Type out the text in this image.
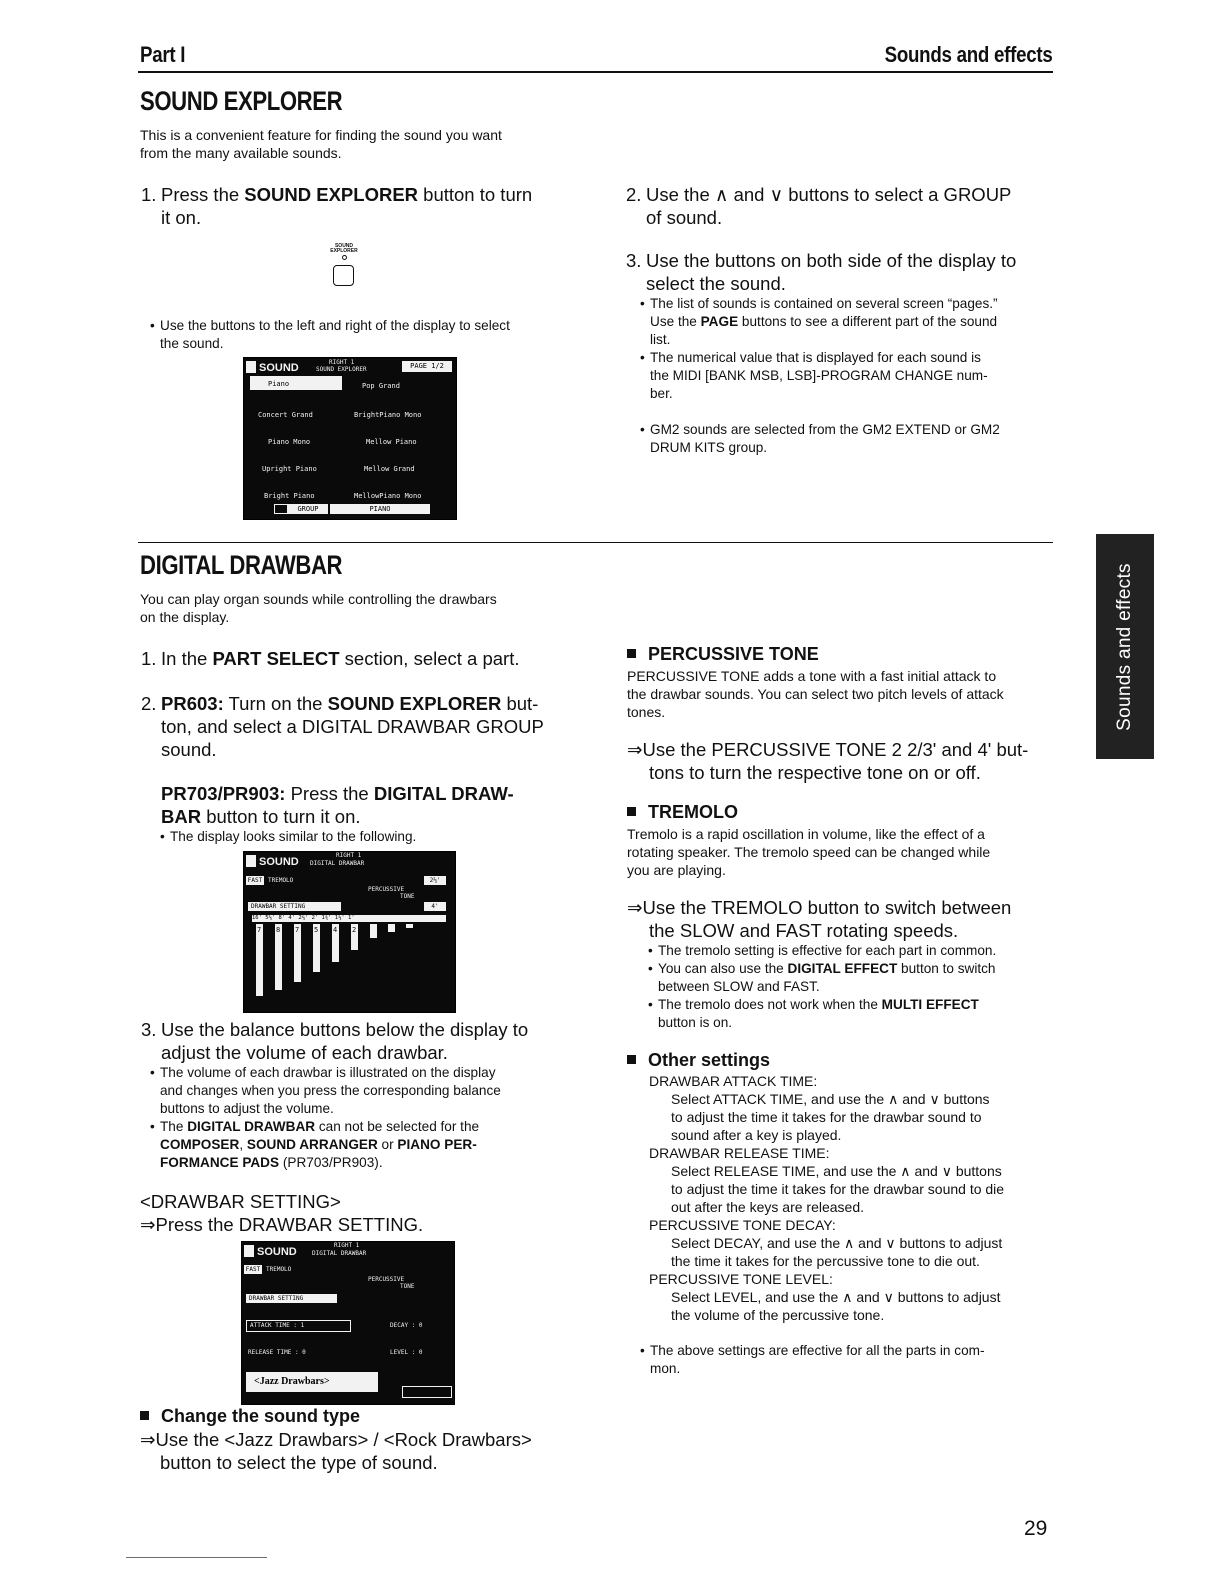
Part I	Sounds and effects
SOUND EXPLORER
This is a convenient feature for finding the sound you want
from the many available sounds.
1. Press the SOUND EXPLORER button to turn
it on.
SOUND
EXPLORER
• Use the buttons to the left and right of the display to select
the sound.
SOUND	RIGHT 1
SOUND EXPLORER	PAGE 1/2
Piano	Pop Grand
Concert Grand	BrightPiano Mono
Piano Mono	Mellow Piano
Upright Piano	Mellow Grand
Bright Piano	MellowPiano Mono
GROUP	PIANO
2. Use the ∧ and ∨ buttons to select a GROUP
of sound.
3. Use the buttons on both side of the display to
select the sound.
• The list of sounds is contained on several screen “pages.”
Use the PAGE buttons to see a different part of the sound
list.
• The numerical value that is displayed for each sound is
the MIDI [BANK MSB, LSB]-PROGRAM CHANGE num-
ber.
• GM2 sounds are selected from the GM2 EXTEND or GM2
DRUM KITS group.
DIGITAL DRAWBAR
You can play organ sounds while controlling the drawbars
on the display.
1. In the PART SELECT section, select a part.
2. PR603: Turn on the SOUND EXPLORER but-
ton, and select a DIGITAL DRAWBAR GROUP
sound.
PR703/PR903: Press the DIGITAL DRAW-
BAR button to turn it on.
• The display looks similar to the following.
SOUND
RIGHT 1
DIGITAL DRAWBAR
FAST TREMOLO	2⅔'
PERCUSSIVE
TONE
DRAWBAR SETTING	4'
16' 5⅓' 8' 4' 2⅔' 2' 1⅗' 1⅓' 1'
7 8 7 5 4 2
3. Use the balance buttons below the display to
adjust the volume of each drawbar.
• The volume of each drawbar is illustrated on the display
and changes when you press the corresponding balance
buttons to adjust the volume.
• The DIGITAL DRAWBAR can not be selected for the
COMPOSER, SOUND ARRANGER or PIANO PER-
FORMANCE PADS (PR703/PR903).
<DRAWBAR SETTING>
⇒Press the DRAWBAR SETTING.
SOUND
RIGHT 1
DIGITAL DRAWBAR
FAST TREMOLO
PERCUSSIVE
TONE
DRAWBAR SETTING
ATTACK TIME : 1	DECAY : 0
RELEASE TIME : 0	LEVEL : 0
<Jazz Drawbars>
Change the sound type
⇒Use the <Jazz Drawbars> / <Rock Drawbars>
button to select the type of sound.
PERCUSSIVE TONE
PERCUSSIVE TONE adds a tone with a fast initial attack to
the drawbar sounds. You can select two pitch levels of attack
tones.
⇒Use the PERCUSSIVE TONE 2 2/3' and 4' but-
tons to turn the respective tone on or off.
TREMOLO
Tremolo is a rapid oscillation in volume, like the effect of a
rotating speaker. The tremolo speed can be changed while
you are playing.
⇒Use the TREMOLO button to switch between
the SLOW and FAST rotating speeds.
• The tremolo setting is effective for each part in common.
• You can also use the DIGITAL EFFECT button to switch
between SLOW and FAST.
• The tremolo does not work when the MULTI EFFECT
button is on.
Other settings
DRAWBAR ATTACK TIME:
Select ATTACK TIME, and use the ∧ and ∨ buttons
to adjust the time it takes for the drawbar sound to
sound after a key is played.
DRAWBAR RELEASE TIME:
Select RELEASE TIME, and use the ∧ and ∨ buttons
to adjust the time it takes for the drawbar sound to die
out after the keys are released.
PERCUSSIVE TONE DECAY:
Select DECAY, and use the ∧ and ∨ buttons to adjust
the time it takes for the percussive tone to die out.
PERCUSSIVE TONE LEVEL:
Select LEVEL, and use the ∧ and ∨ buttons to adjust
the volume of the percussive tone.
• The above settings are effective for all the parts in com-
mon.
Sounds and effects
29
